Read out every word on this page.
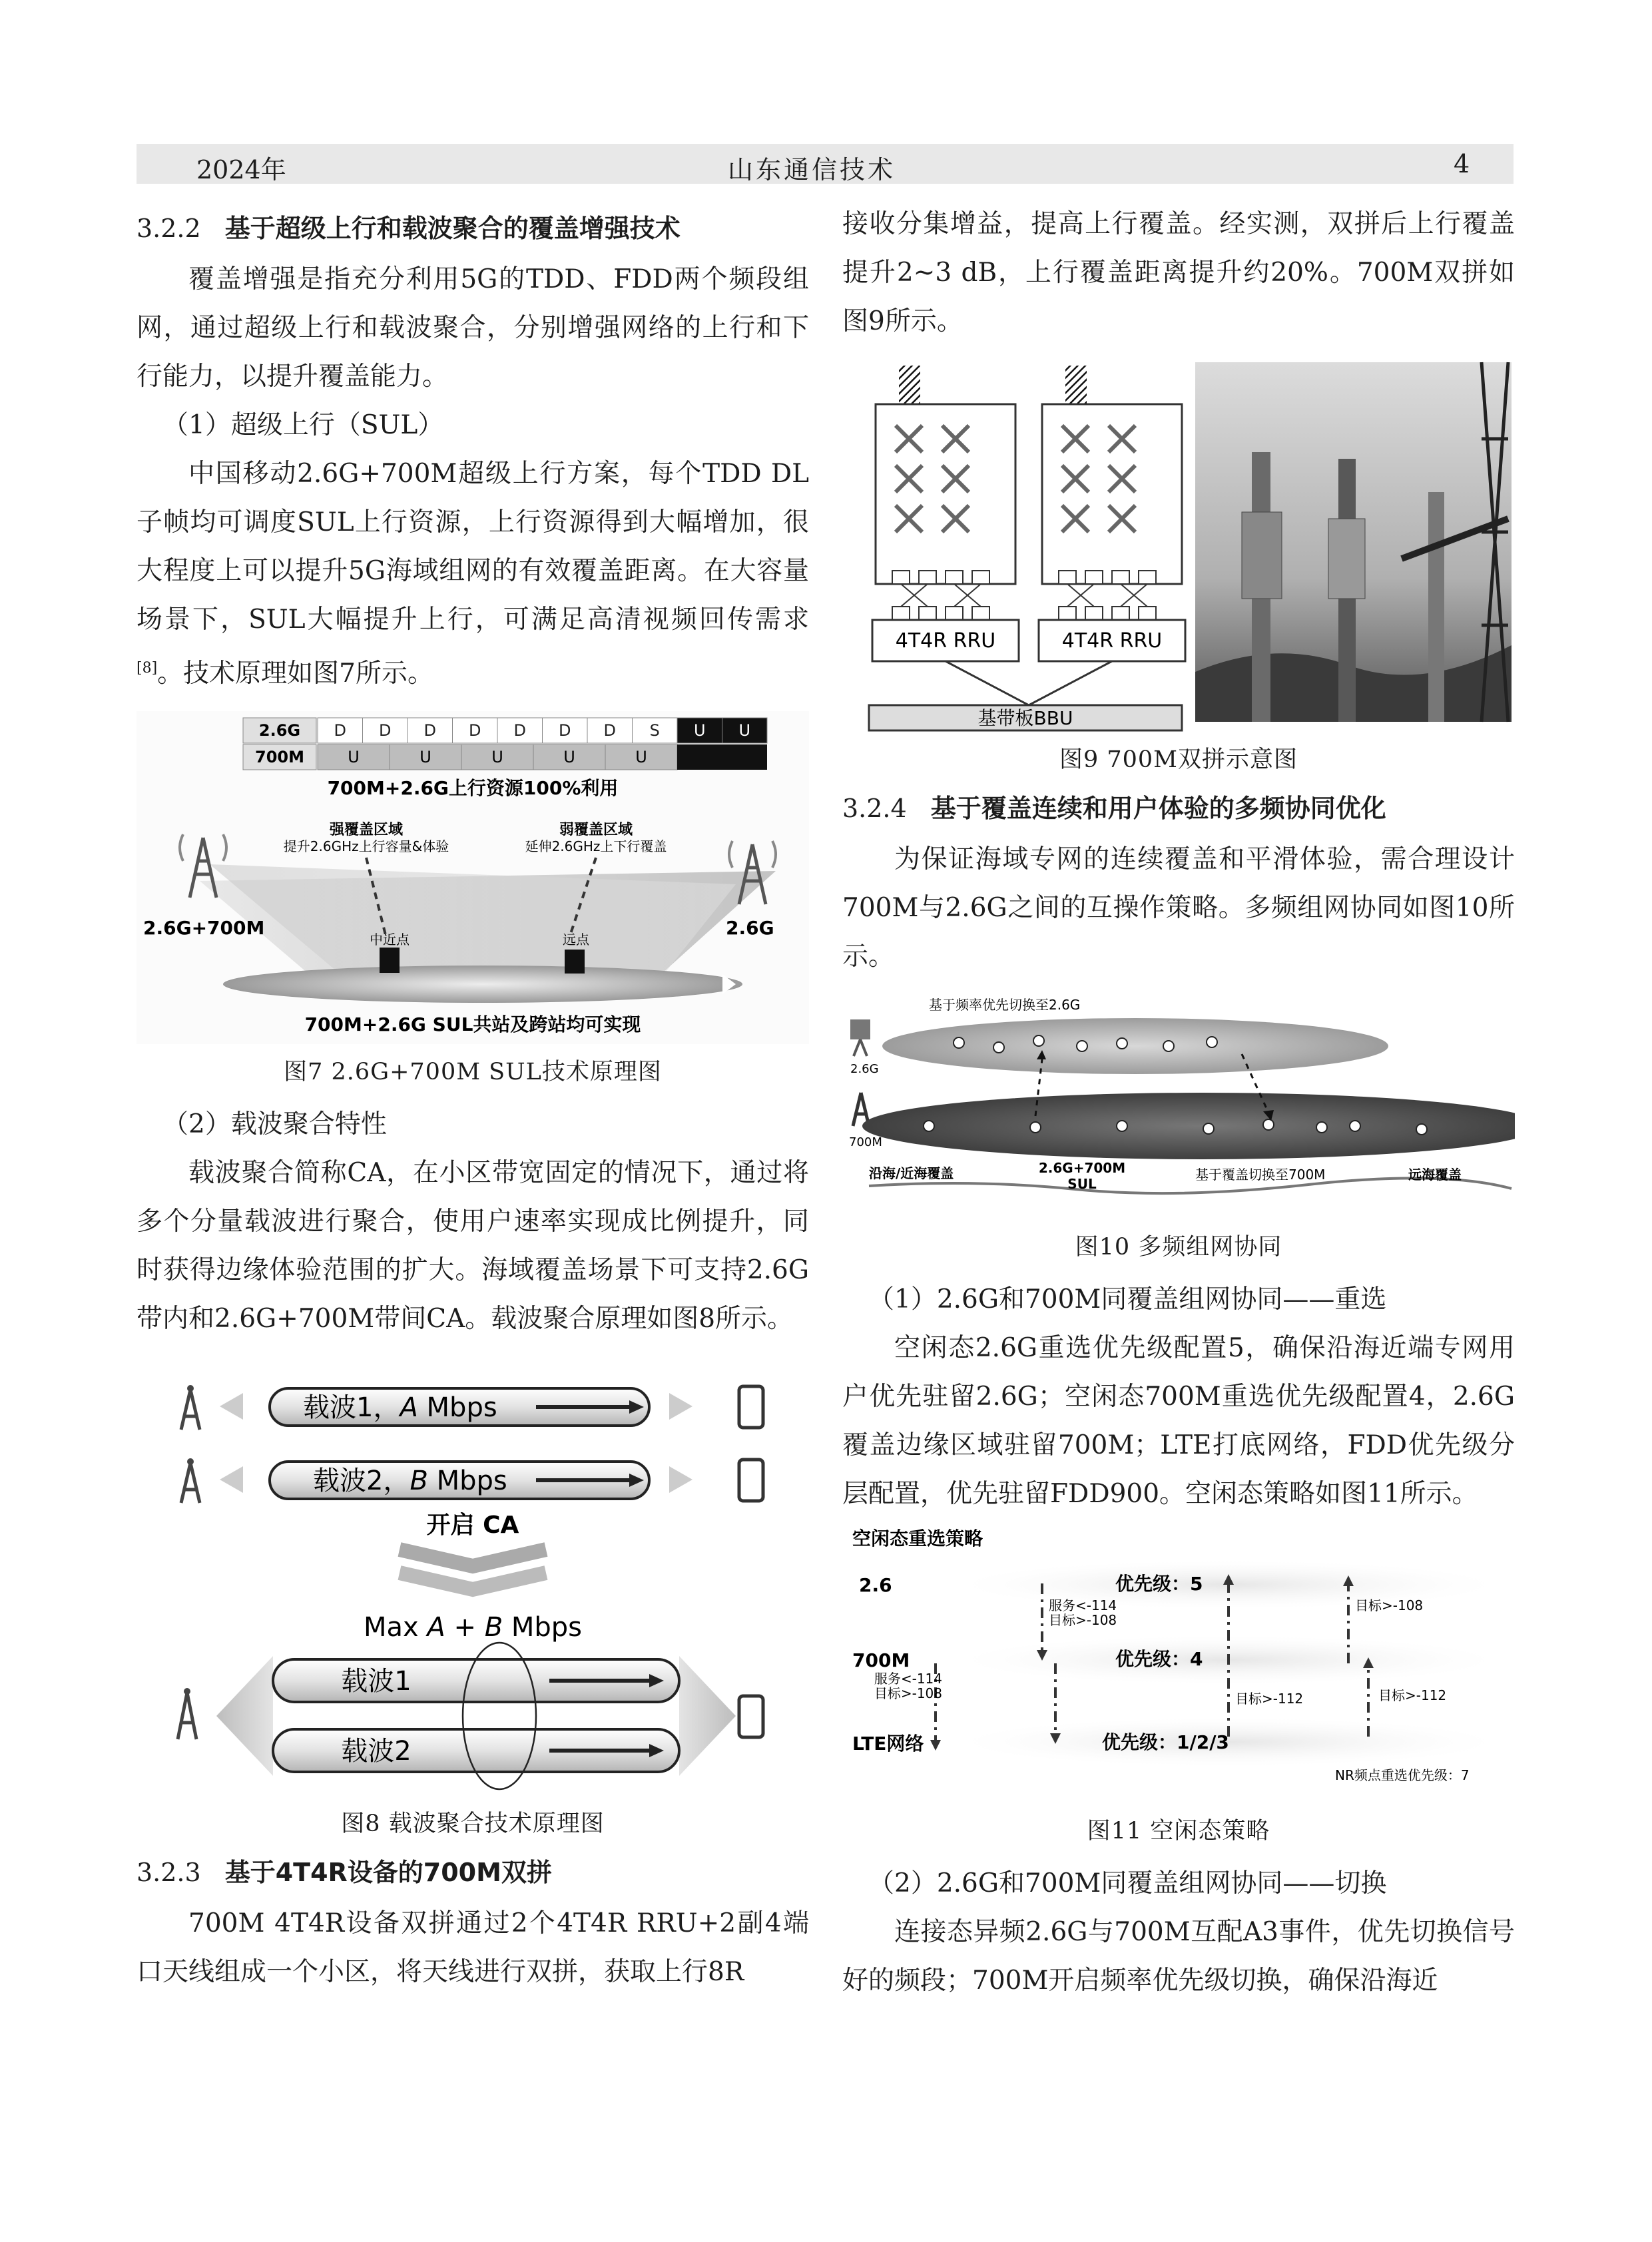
2024年	山东通信技术	4
3.2.2 基于超级上行和载波聚合的覆盖增强技术

覆盖增强是指充分利用5G的TDD、FDD两个频段组网，通过超级上行和载波聚合，分别增强网络的上行和下行能力，以提升覆盖能力。

（1）超级上行（SUL）

中国移动2.6G+700M超级上行方案，每个TDD DL子帧均可调度SUL上行资源，上行资源得到大幅增加，很大程度上可以提升5G海域组网的有效覆盖距离。在大容量场景下，SUL大幅提升上行，可满足高清视频回传需求[8]。技术原理如图7所示。

2.6G D D D D D D D S U U
700M	U	U	U	U	U
700M+2.6G上行资源100%利用
2.6G+700M	2.6G
强覆盖区域
提升2.6GHz上行容量&体验
弱覆盖区域
延伸2.6GHz上下行覆盖
中近点	远点
700M+2.6G SUL共站及跨站均可实现
图7 2.6G+700M SUL技术原理图

（2）载波聚合特性

载波聚合简称CA，在小区带宽固定的情况下，通过将多个分量载波进行聚合，使用户速率实现成比例提升，同时获得边缘体验范围的扩大。海域覆盖场景下可支持2.6G带内和2.6G+700M带间CA。载波聚合原理如图8所示。

载波1，A Mbps
载波2，B Mbps
开启 CA
Max A + B Mbps
载波1
载波2
图8 载波聚合技术原理图
3.2.3 基于4T4R设备的700M双拼

700M 4T4R设备双拼通过2个4T4R RRU+2副4端口天线组成一个小区，将天线进行双拼，获取上行8R

接收分集增益，提高上行覆盖。经实测，双拼后上行覆盖提升2~3 dB，上行覆盖距离提升约20%。700M双拼如图9所示。

4T4R RRU	4T4R RRU
基带板BBU
图9 700M双拼示意图
3.2.4 基于覆盖连续和用户体验的多频协同优化

为保证海域专网的连续覆盖和平滑体验，需合理设计700M与2.6G之间的互操作策略。多频组网协同如图10所示。

基于频率优先切换至2.6G
2.6G
700M
沿海/近海覆盖	2.6G+700M
SUL
基于覆盖切换至700M	远海覆盖
图10 多频组网协同

（1）2.6G和700M同覆盖组网协同——重选

空闲态2.6G重选优先级配置5，确保沿海近端专网用户优先驻留2.6G；空闲态700M重选优先级配置4，2.6G覆盖边缘区域驻留700M；LTE打底网络，FDD优先级分层配置，优先驻留FDD900。空闲态策略如图11所示。

空闲态重选策略
2.6
700M
LTE网络
优先级：5
优先级：4
优先级：1/2/3
服务<-114
目标>-108
服务<-114
目标>-108
目标>-108
目标>-112	目标>-112
NR频点重选优先级：7
图11 空闲态策略

（2）2.6G和700M同覆盖组网协同——切换

连接态异频2.6G与700M互配A3事件，优先切换信号好的频段；700M开启频率优先级切换，确保沿海近
